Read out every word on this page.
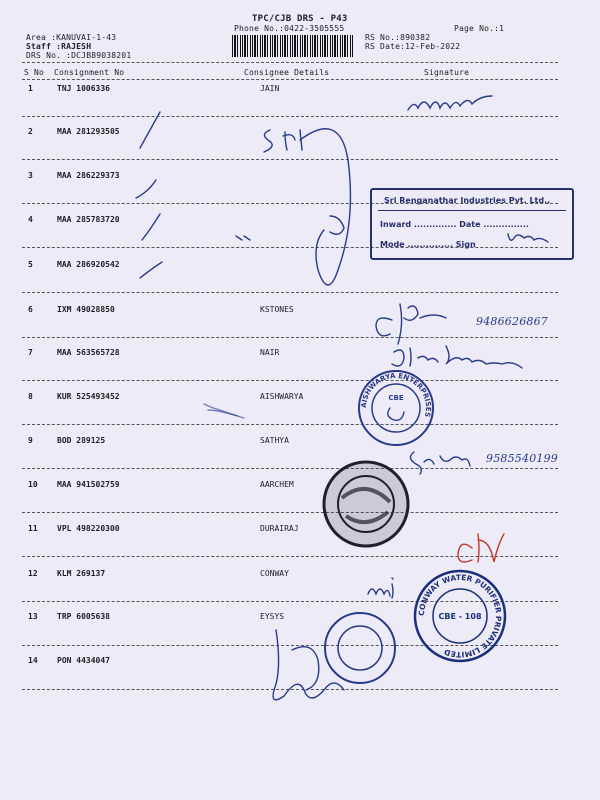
TPC/CJB DRS - P43
Phone No.:0422-3505555	Page No.:1
Area :KANUVAI-1-43
Staff :RAJESH
DRS No. :DCJB89038201
RS No.:890382
RS Date:12-Feb-2022
S No Consignment No	Consignee Details	Signature
1	TNJ 1006336	JAIN
2	MAA 281293505
3	MAA 286229373
4	MAA 285783720
5	MAA 286920542
6	IXM 49028850	KSTONES
7	MAA 563565728	NAIR
8	KUR 525493452	AISHWARYA
9	BOD 289125	SATHYA
10 MAA 941502759	AARCHEM
11 VPL 498220300	DURAIRAJ
12 KLM 269137	CONWAY
13 TRP 6005638	EYSYS
14 PON 4434047
Sri Renganathar Industries Pvt. Ltd.,
Inward .............. Date ...............
Mode ............... Sign
AISHWARYA ENTERPRISES
CBE
CONWAY WATER PURIFIER PRIVATE LIMITED
CBE - 108
9486626867
9585540199
